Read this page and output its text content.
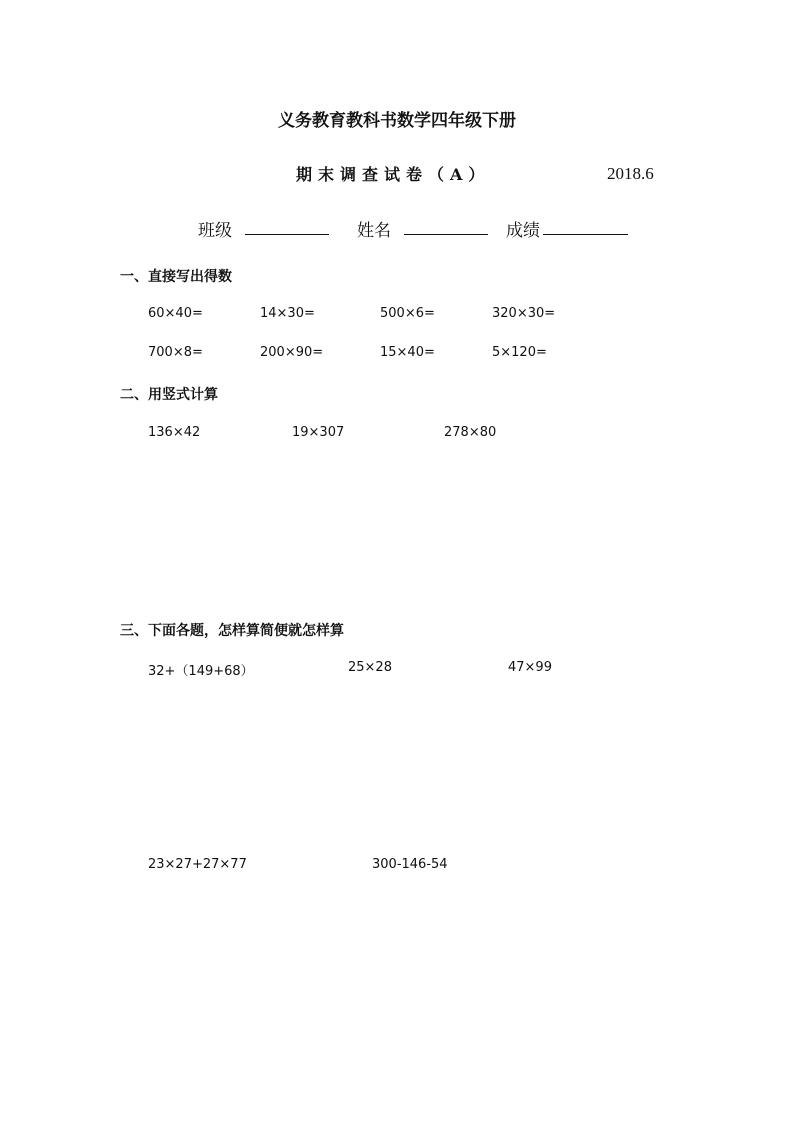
义务教育教科书数学四年级下册
期末调查试卷（A）	2018.6
班级	姓名	成绩
一、直接写出得数
60×40=	14×30=	500×6=	320×30=
700×8=	200×90=	15×40=	5×120=
二、用竖式计算
136×42	19×307	278×80
三、下面各题，怎样算简便就怎样算
32+（149+68）	25×28	47×99
23×27+27×77	300-146-54
